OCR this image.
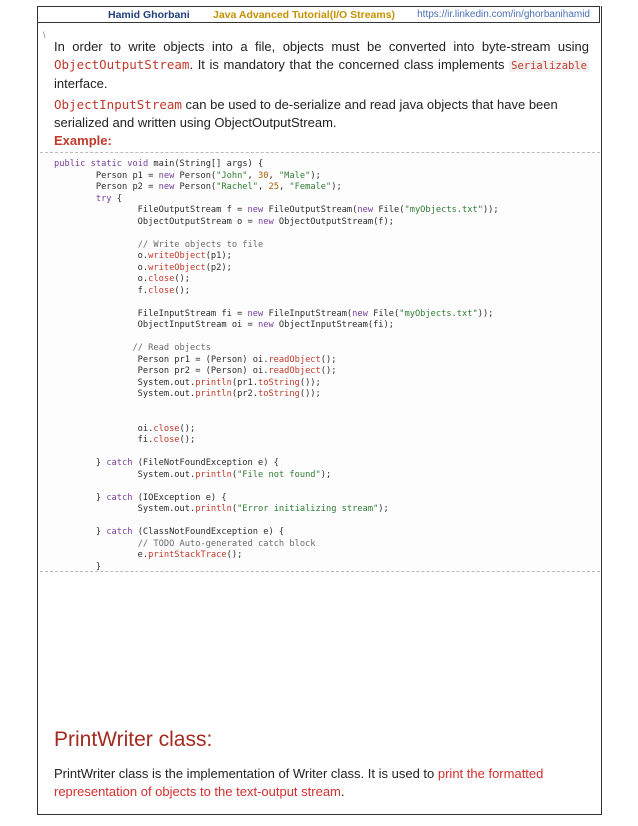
Hamid Ghorbani Java Advanced Tutorial(I/O Streams) https://ir.linkedin.com/in/ghorbanihamid
\
In order to write objects into a file, objects must be converted into byte-stream using ObjectOutputStream. It is mandatory that the concerned class implements Serializable interface.
ObjectInputStream can be used to de-serialize and read java objects that have been serialized and written using ObjectOutputStream.
Example:
public static void main(String[] args) {
Person p1 = new Person("John", 30, "Male");
Person p2 = new Person("Rachel", 25, "Female");
try {
FileOutputStream f = new FileOutputStream(new File("myObjects.txt"));
ObjectOutputStream o = new ObjectOutputStream(f);

// Write objects to file
o.writeObject(p1);
o.writeObject(p2);
o.close();
f.close();

FileInputStream fi = new FileInputStream(new File("myObjects.txt"));
ObjectInputStream oi = new ObjectInputStream(fi);

// Read objects
Person pr1 = (Person) oi.readObject();
Person pr2 = (Person) oi.readObject();
System.out.println(pr1.toString());
System.out.println(pr2.toString());

oi.close();
fi.close();

} catch (FileNotFoundException e) {
System.out.println("File not found");

} catch (IOException e) {
System.out.println("Error initializing stream");

} catch (ClassNotFoundException e) {
// TODO Auto-generated catch block
e.printStackTrace();
}

PrintWriter class:
PrintWriter class is the implementation of Writer class. It is used to print the formatted representation of objects to the text-output stream.
